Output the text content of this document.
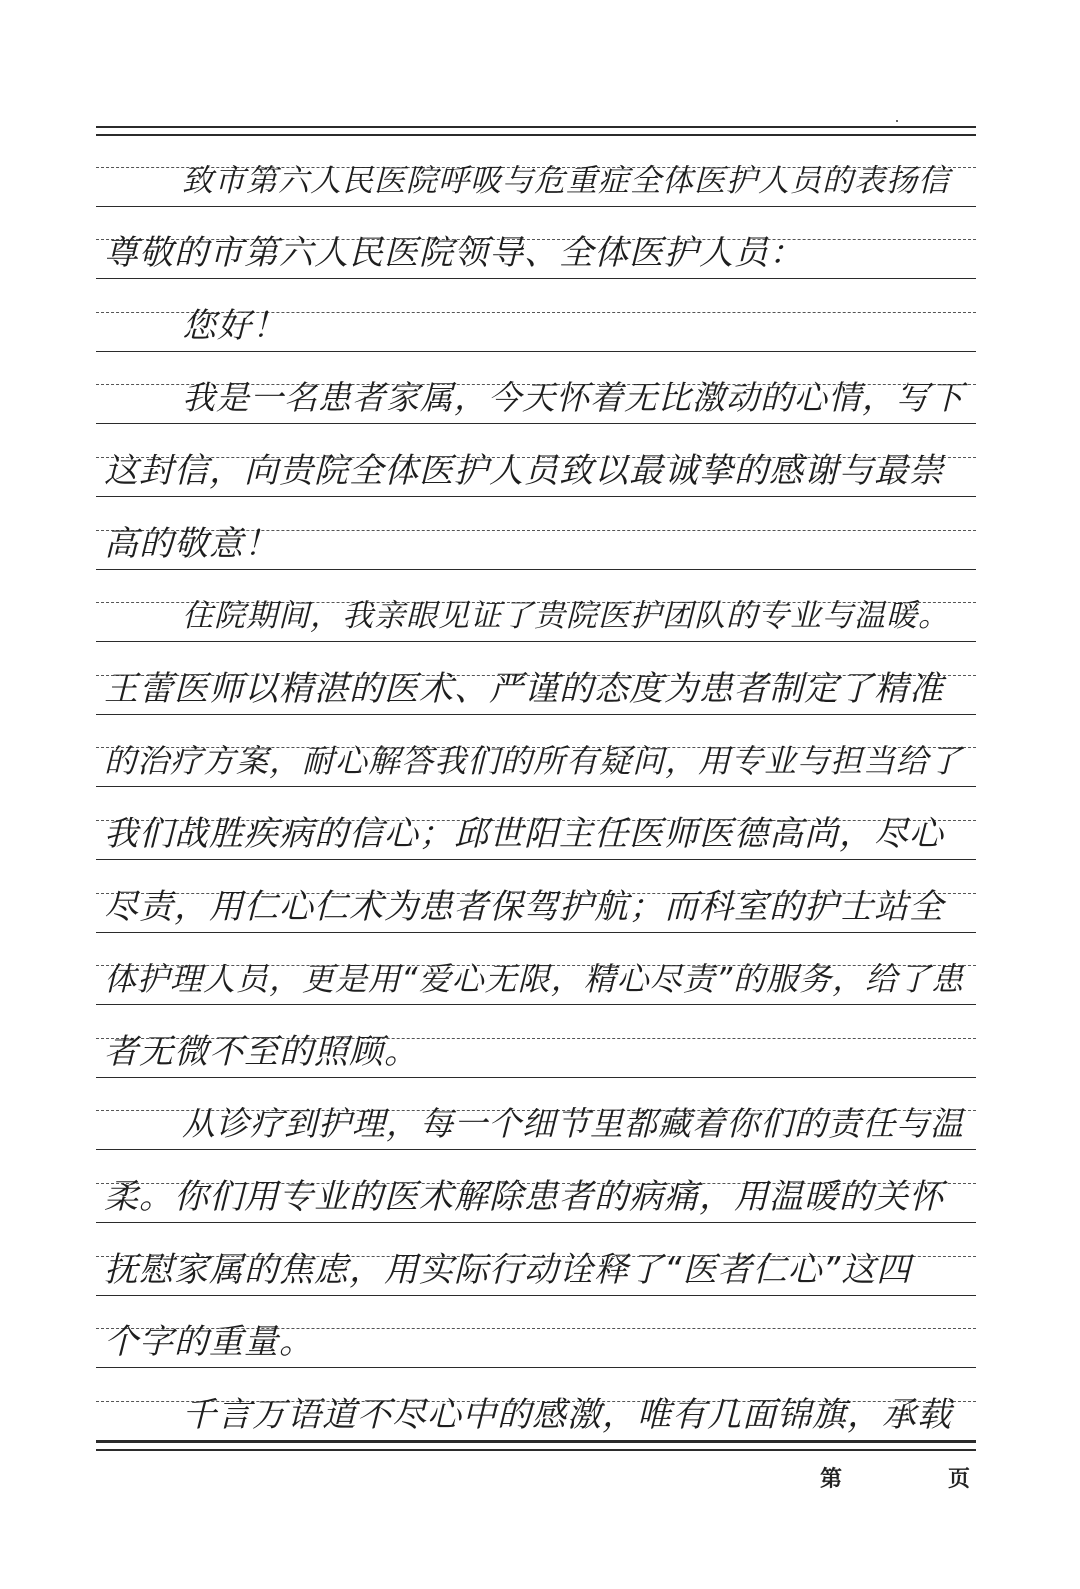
致市第六人民医院呼吸与危重症全体医护人员的表扬信
尊敬的市第六人民医院领导、全体医护人员：
您好！
我是一名患者家属，今天怀着无比激动的心情，写下
这封信，向贵院全体医护人员致以最诚挚的感谢与最崇
高的敬意！
住院期间，我亲眼见证了贵院医护团队的专业与温暖。
王蕾医师以精湛的医术、严谨的态度为患者制定了精准
的治疗方案，耐心解答我们的所有疑问，用专业与担当给了
我们战胜疾病的信心；邱世阳主任医师医德高尚，尽心
尽责，用仁心仁术为患者保驾护航；而科室的护士站全
体护理人员，更是用“爱心无限，精心尽责”的服务，给了患
者无微不至的照顾。
从诊疗到护理，每一个细节里都藏着你们的责任与温
柔。你们用专业的医术解除患者的病痛，用温暖的关怀
抚慰家属的焦虑，用实际行动诠释了“医者仁心”这四
个字的重量。
千言万语道不尽心中的感激，唯有几面锦旗，承载
第	页
